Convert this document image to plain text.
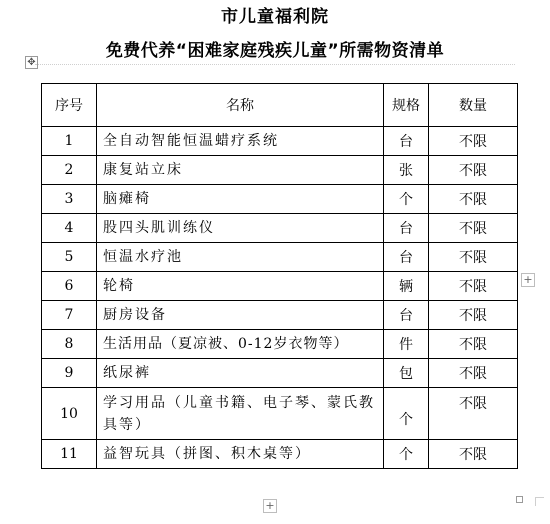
市儿童福利院
免费代养“困难家庭残疾儿童”所需物资清单
✥
序号	名称	规格	数量
1	全自动智能恒温蜡疗系统	台	不限
2	康复站立床	张	不限
3	脑瘫椅	个	不限
4	股四头肌训练仪	台	不限
5	恒温水疗池	台	不限
6	轮椅	辆	不限
7	厨房设备	台	不限
8	生活用品（夏凉被、0-12岁衣物等）	件	不限
9	纸尿裤	包	不限
10	学习用品（儿童书籍、电子琴、蒙氏教具等）	个	不限
11	益智玩具（拼图、积木桌等）	个	不限
+
+
